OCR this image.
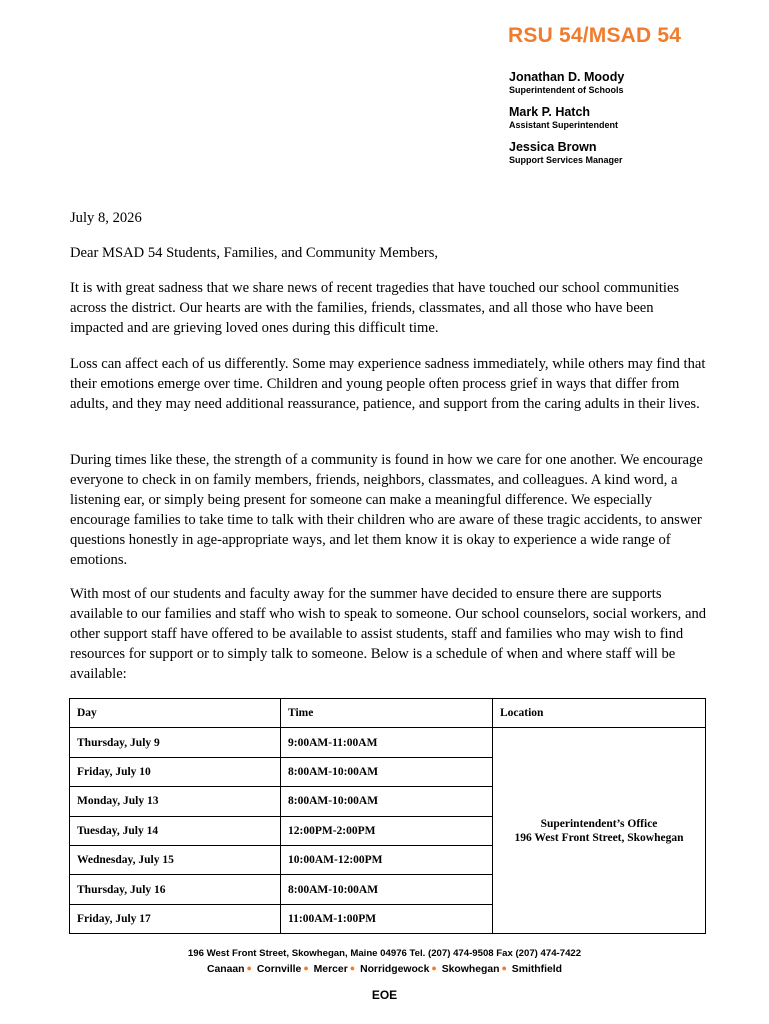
RSU 54/MSAD 54
Jonathan D. Moody
Superintendent of Schools
Mark P. Hatch
Assistant Superintendent
Jessica Brown
Support Services Manager
July 8, 2026
Dear MSAD 54 Students, Families, and Community Members,

It is with great sadness that we share news of recent tragedies that have touched our school communities across the district. Our hearts are with the families, friends, classmates, and all those who have been impacted and are grieving loved ones during this difficult time.

Loss can affect each of us differently. Some may experience sadness immediately, while others may find that their emotions emerge over time. Children and young people often process grief in ways that differ from adults, and they may need additional reassurance, patience, and support from the caring adults in their lives.

During times like these, the strength of a community is found in how we care for one another. We encourage everyone to check in on family members, friends, neighbors, classmates, and colleagues. A kind word, a listening ear, or simply being present for someone can make a meaningful difference. We especially encourage families to take time to talk with their children who are aware of these tragic accidents, to answer questions honestly in age-appropriate ways, and let them know it is okay to experience a wide range of emotions.

With most of our students and faculty away for the summer have decided to ensure there are supports available to our families and staff who wish to speak to someone. Our school counselors, social workers, and other support staff have offered to be available to assist students, staff and families who may wish to find resources for support or to simply talk to someone. Below is a schedule of when and where staff will be available:

Day	Time	Location
Thursday, July 9	9:00AM-11:00AM	Superintendent’s Office
196 West Front Street, Skowhegan

Friday, July 10	8:00AM-10:00AM	
Monday, July 13	8:00AM-10:00AM	
Tuesday, July 14	12:00PM-2:00PM	
Wednesday, July 15	10:00AM-12:00PM	
Thursday, July 16	8:00AM-10:00AM	
Friday, July 17	11:00AM-1:00PM	
196 West Front Street, Skowhegan, Maine 04976 Tel. (207) 474-9508 Fax (207) 474-7422
Canaan ● Cornville ● Mercer ● Norridgewock ● Skowhegan ● Smithfield
EOE
